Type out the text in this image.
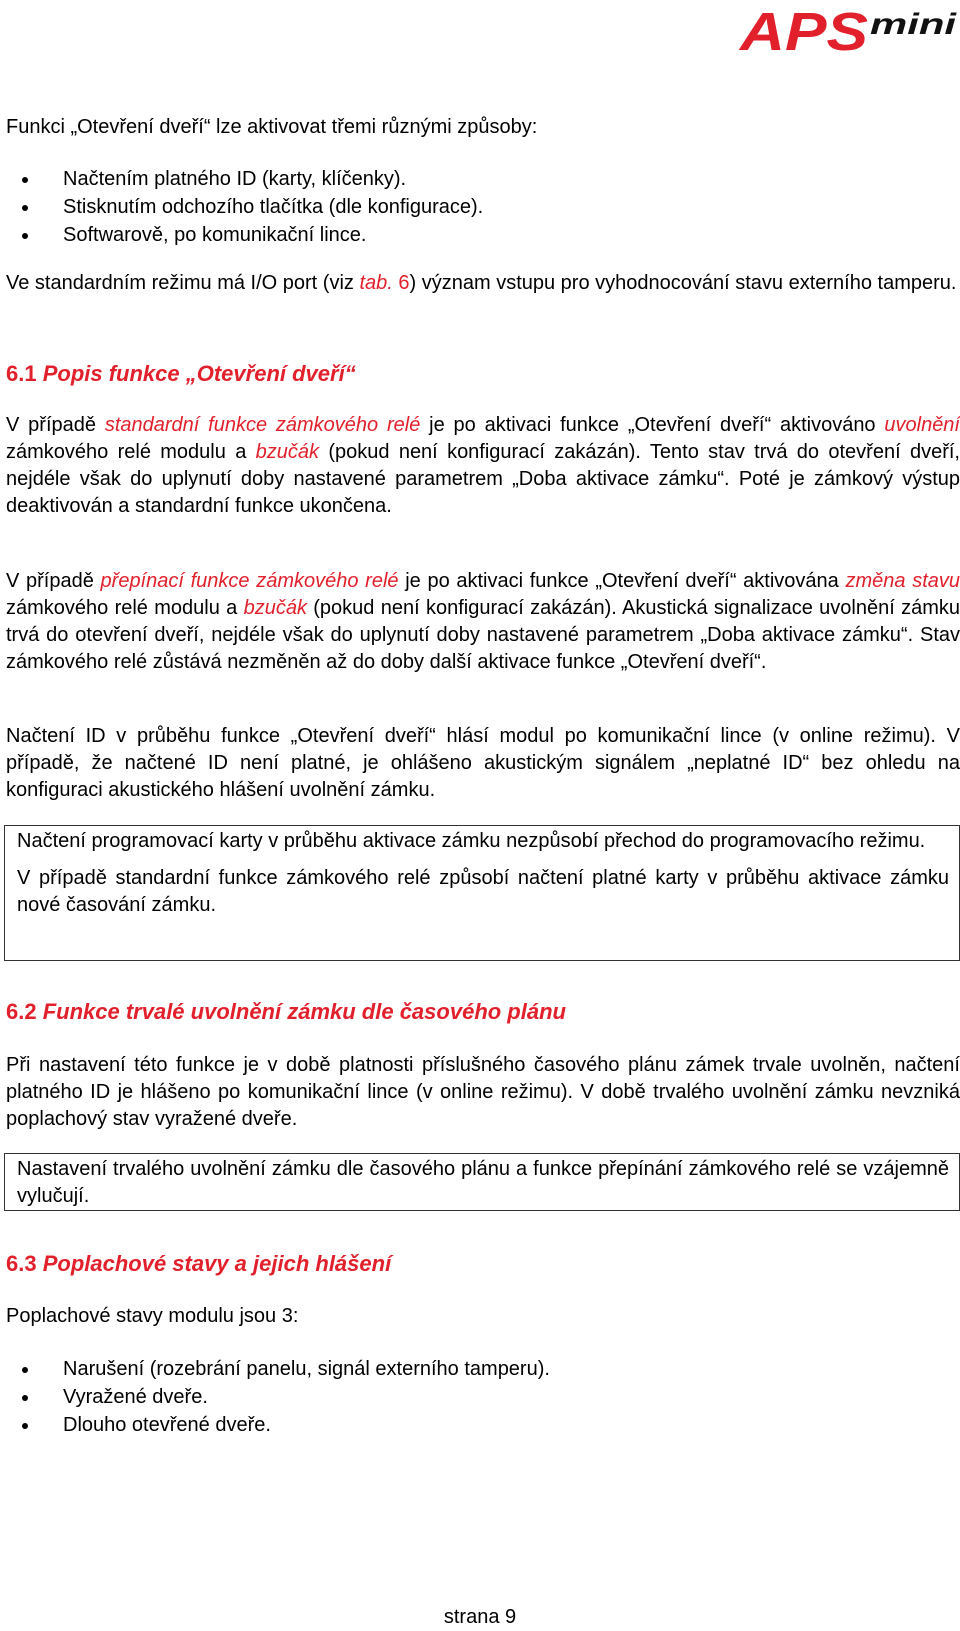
APS mini

Funkci „Otevření dveří“ lze aktivovat třemi různými způsoby:

Načtením platného ID (karty, klíčenky).
Stisknutím odchozího tlačítka (dle konfigurace).
Softwarově, po komunikační lince.

Ve standardním režimu má I/O port (viz tab. 6) význam vstupu pro vyhodnocování stavu externího tamperu.

6.1 Popis funkce „Otevření dveří“

V případě standardní funkce zámkového relé je po aktivaci funkce „Otevření dveří“ aktivováno uvolnění zámkového relé modulu a bzučák (pokud není konfigurací zakázán). Tento stav trvá do otevření dveří, nejdéle však do uplynutí doby nastavené parametrem „Doba aktivace zámku“. Poté je zámkový výstup deaktivován a standardní funkce ukončena.

V případě přepínací funkce zámkového relé je po aktivaci funkce „Otevření dveří“ aktivována změna stavu zámkového relé modulu a bzučák (pokud není konfigurací zakázán). Akustická signalizace uvolnění zámku trvá do otevření dveří, nejdéle však do uplynutí doby nastavené parametrem „Doba aktivace zámku“. Stav zámkového relé zůstává nezměněn až do doby další aktivace funkce „Otevření dveří“.

Načtení ID v průběhu funkce „Otevření dveří“ hlásí modul po komunikační lince (v online režimu). V případě, že načtené ID není platné, je ohlášeno akustickým signálem „neplatné ID“ bez ohledu na konfiguraci akustického hlášení uvolnění zámku.

Načtení programovací karty v průběhu aktivace zámku nezpůsobí přechod do programovacího režimu.

V případě standardní funkce zámkového relé způsobí načtení platné karty v průběhu aktivace zámku nové časování zámku.

6.2 Funkce trvalé uvolnění zámku dle časového plánu

Při nastavení této funkce je v době platnosti příslušného časového plánu zámek trvale uvolněn, načtení platného ID je hlášeno po komunikační lince (v online režimu). V době trvalého uvolnění zámku nevzniká poplachový stav vyražené dveře.

Nastavení trvalého uvolnění zámku dle časového plánu a funkce přepínání zámkového relé se vzájemně vylučují.

6.3 Poplachové stavy a jejich hlášení

Poplachové stavy modulu jsou 3:

Narušení (rozebrání panelu, signál externího tamperu).
Vyražené dveře.
Dlouho otevřené dveře.
strana 9
